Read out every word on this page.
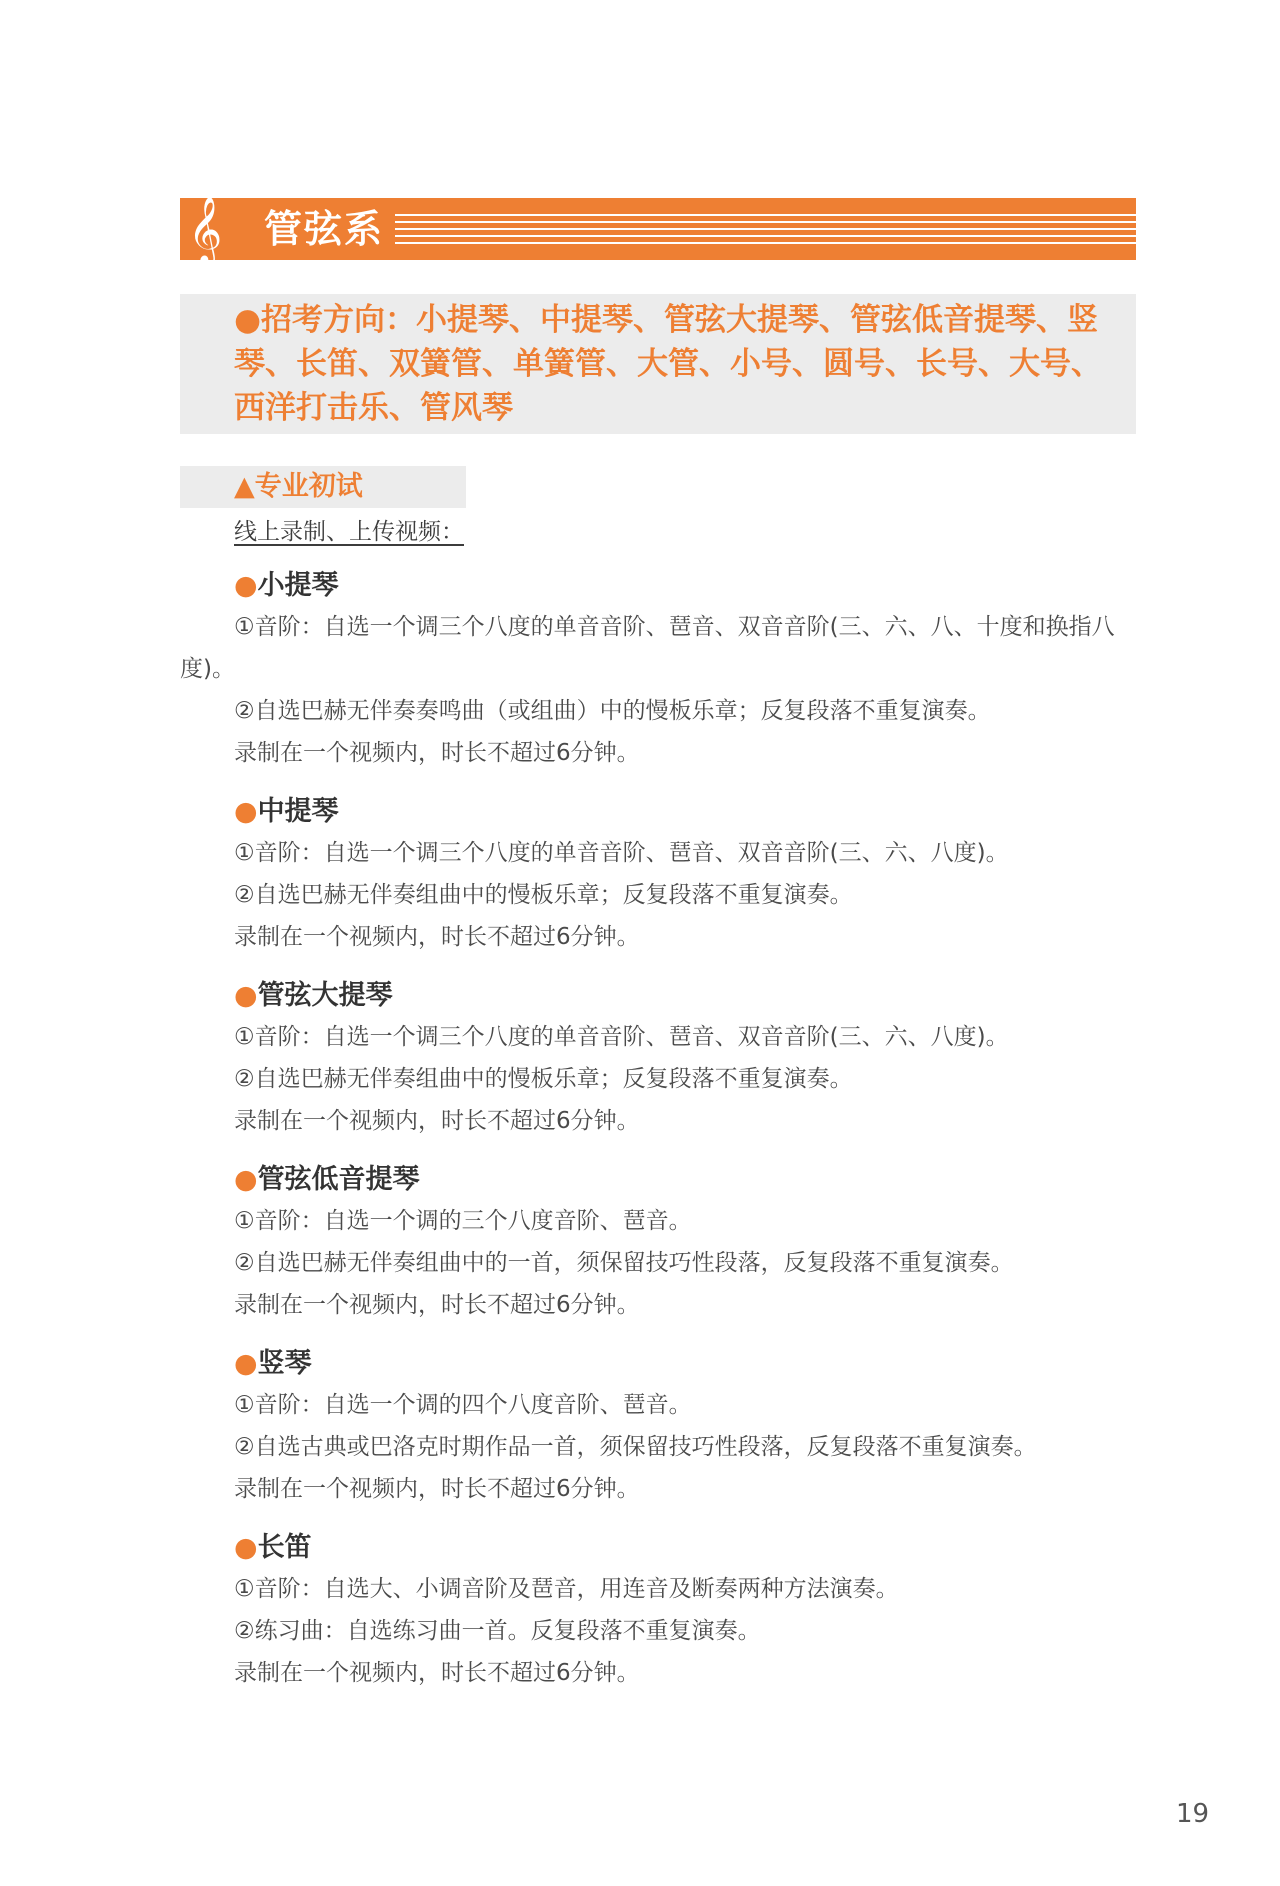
𝄞 管弦系

●招考方向：小提琴、中提琴、管弦大提琴、管弦低音提琴、竖琴、长笛、双簧管、单簧管、大管、小号、圆号、长号、大号、西洋打击乐、管风琴

▲专业初试
线上录制、上传视频：

●小提琴

①音阶：自选一个调三个八度的单音音阶、琶音、双音音阶(三、六、八、十度和换指八度)。

②自选巴赫无伴奏奏鸣曲（或组曲）中的慢板乐章；反复段落不重复演奏。

录制在一个视频内，时长不超过6分钟。

●中提琴

①音阶：自选一个调三个八度的单音音阶、琶音、双音音阶(三、六、八度)。

②自选巴赫无伴奏组曲中的慢板乐章；反复段落不重复演奏。

录制在一个视频内，时长不超过6分钟。

●管弦大提琴

①音阶：自选一个调三个八度的单音音阶、琶音、双音音阶(三、六、八度)。

②自选巴赫无伴奏组曲中的慢板乐章；反复段落不重复演奏。

录制在一个视频内，时长不超过6分钟。

●管弦低音提琴

①音阶：自选一个调的三个八度音阶、琶音。

②自选巴赫无伴奏组曲中的一首，须保留技巧性段落，反复段落不重复演奏。

录制在一个视频内，时长不超过6分钟。

●竖琴

①音阶：自选一个调的四个八度音阶、琶音。

②自选古典或巴洛克时期作品一首，须保留技巧性段落，反复段落不重复演奏。

录制在一个视频内，时长不超过6分钟。

●长笛

①音阶：自选大、小调音阶及琶音，用连音及断奏两种方法演奏。

②练习曲：自选练习曲一首。反复段落不重复演奏。

录制在一个视频内，时长不超过6分钟。

19
